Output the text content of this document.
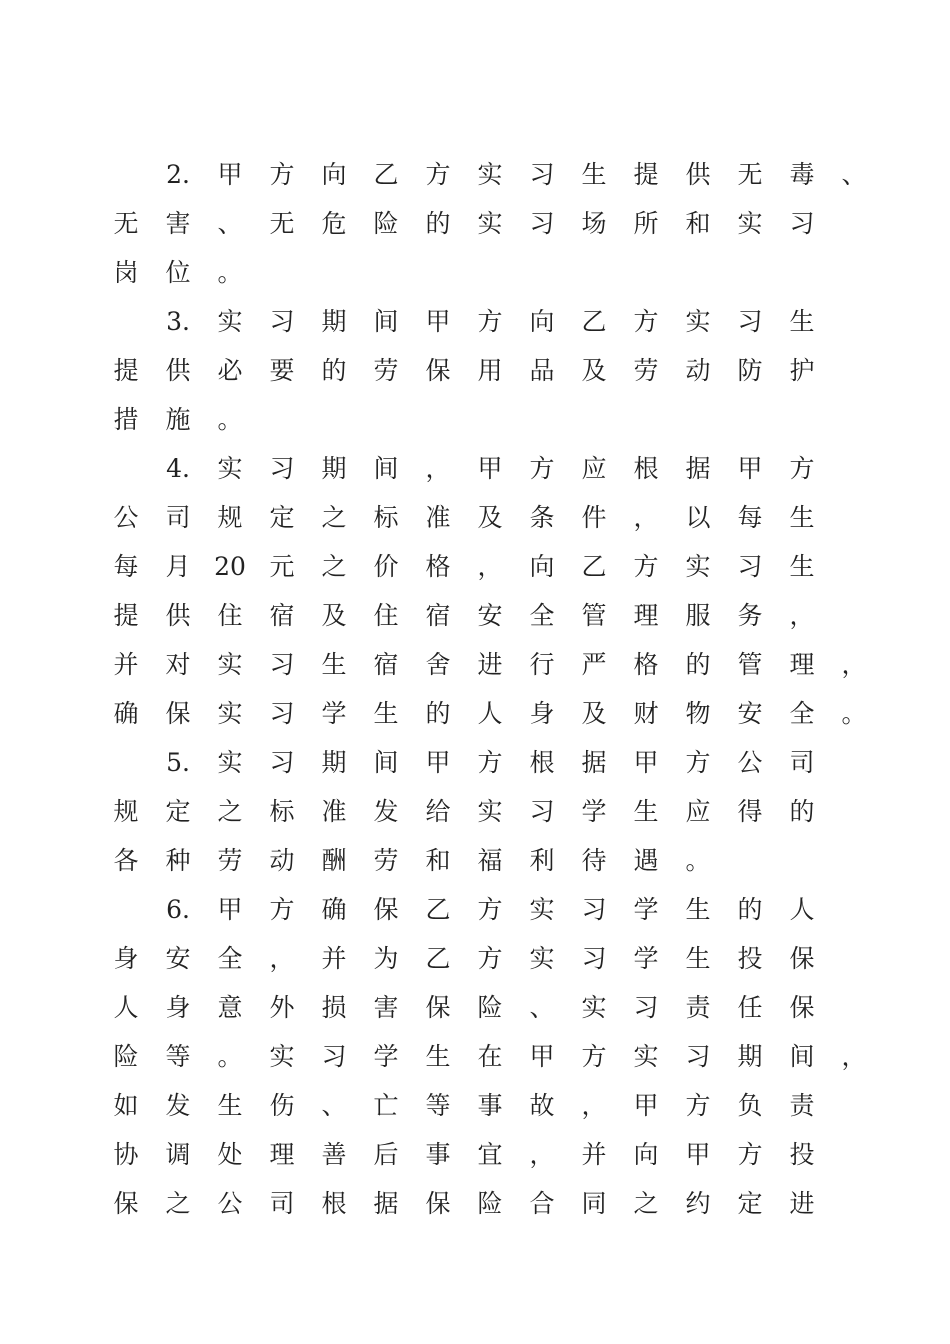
2.	甲	方	向	乙	方	实	习	生	提	供	无	毒	、
无	害	、	无	危	险	的	实	习	场	所	和	实	习
岗	位	。
3.	实	习	期	间	甲	方	向	乙	方	实	习	生
提	供	必	要	的	劳	保	用	品	及	劳	动	防	护
措	施	。
4.	实	习	期	间	，	甲	方	应	根	据	甲	方
公	司	规	定	之	标	准	及	条	件	，	以	每	生
每	月 20 元	之	价	格	，	向	乙	方	实	习	生
提	供	住	宿	及	住	宿	安	全	管	理	服	务	，
并	对	实	习	生	宿	舍	进	行	严	格	的	管	理	，
确	保	实	习	学	生	的	人	身	及	财	物	安	全	。
5.	实	习	期	间	甲	方	根	据	甲	方	公	司
规	定	之	标	准	发	给	实	习	学	生	应	得	的
各	种	劳	动	酬	劳	和	福	利	待	遇	。
6.	甲	方	确	保	乙	方	实	习	学	生	的	人
身	安	全	，	并	为	乙	方	实	习	学	生	投	保
人	身	意	外	损	害	保	险	、	实	习	责	任	保
险	等	。	实	习	学	生	在	甲	方	实	习	期	间	，
如	发	生	伤	、	亡	等	事	故	，	甲	方	负	责
协	调	处	理	善	后	事	宜	，	并	向	甲	方	投
保	之	公	司	根	据	保	险	合	同	之	约	定	进
